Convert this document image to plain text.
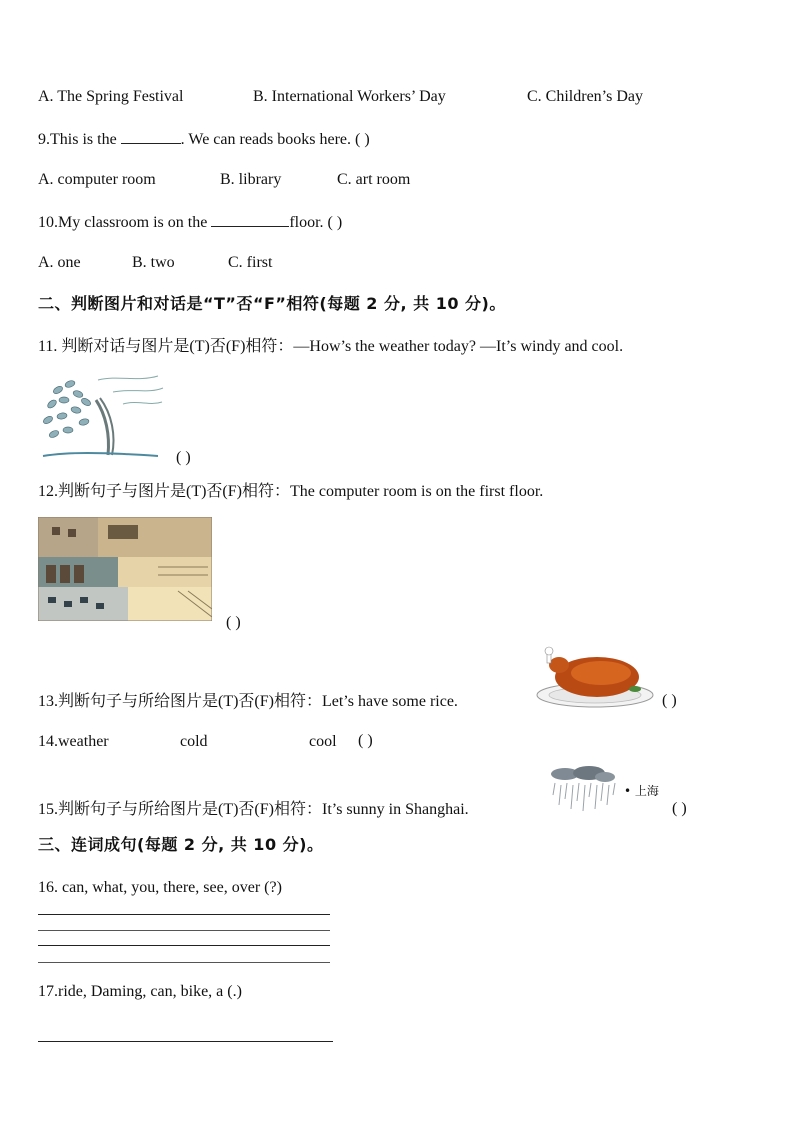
A. The Spring Festival	B. International Workers’ Day	C. Children’s Day
9.This is the	. We can reads books here. ( )
A. computer room	B. library	C. art room
10.My classroom is on the	floor. ( )
A. one	B. two	C. first
二、判断图片和对话是“T”否“F”相符(每题 2 分, 共 10 分)。
11. 判断对话与图片是(T)否(F)相符：—How’s the weather today? —It’s windy and cool.
( )
12.判断句子与图片是(T)否(F)相符：The computer room is on the first floor.
( )
13.判断句子与所给图片是(T)否(F)相符：Let’s have some rice.	( )
14.weather	cold	cool ( )
15.判断句子与所给图片是(T)否(F)相符：It’s sunny in Shanghai.
• 上海
( )
三、连词成句(每题 2 分, 共 10 分)。
16. can, what, you, there, see, over (?)
17.ride, Daming, can, bike, a (.)
